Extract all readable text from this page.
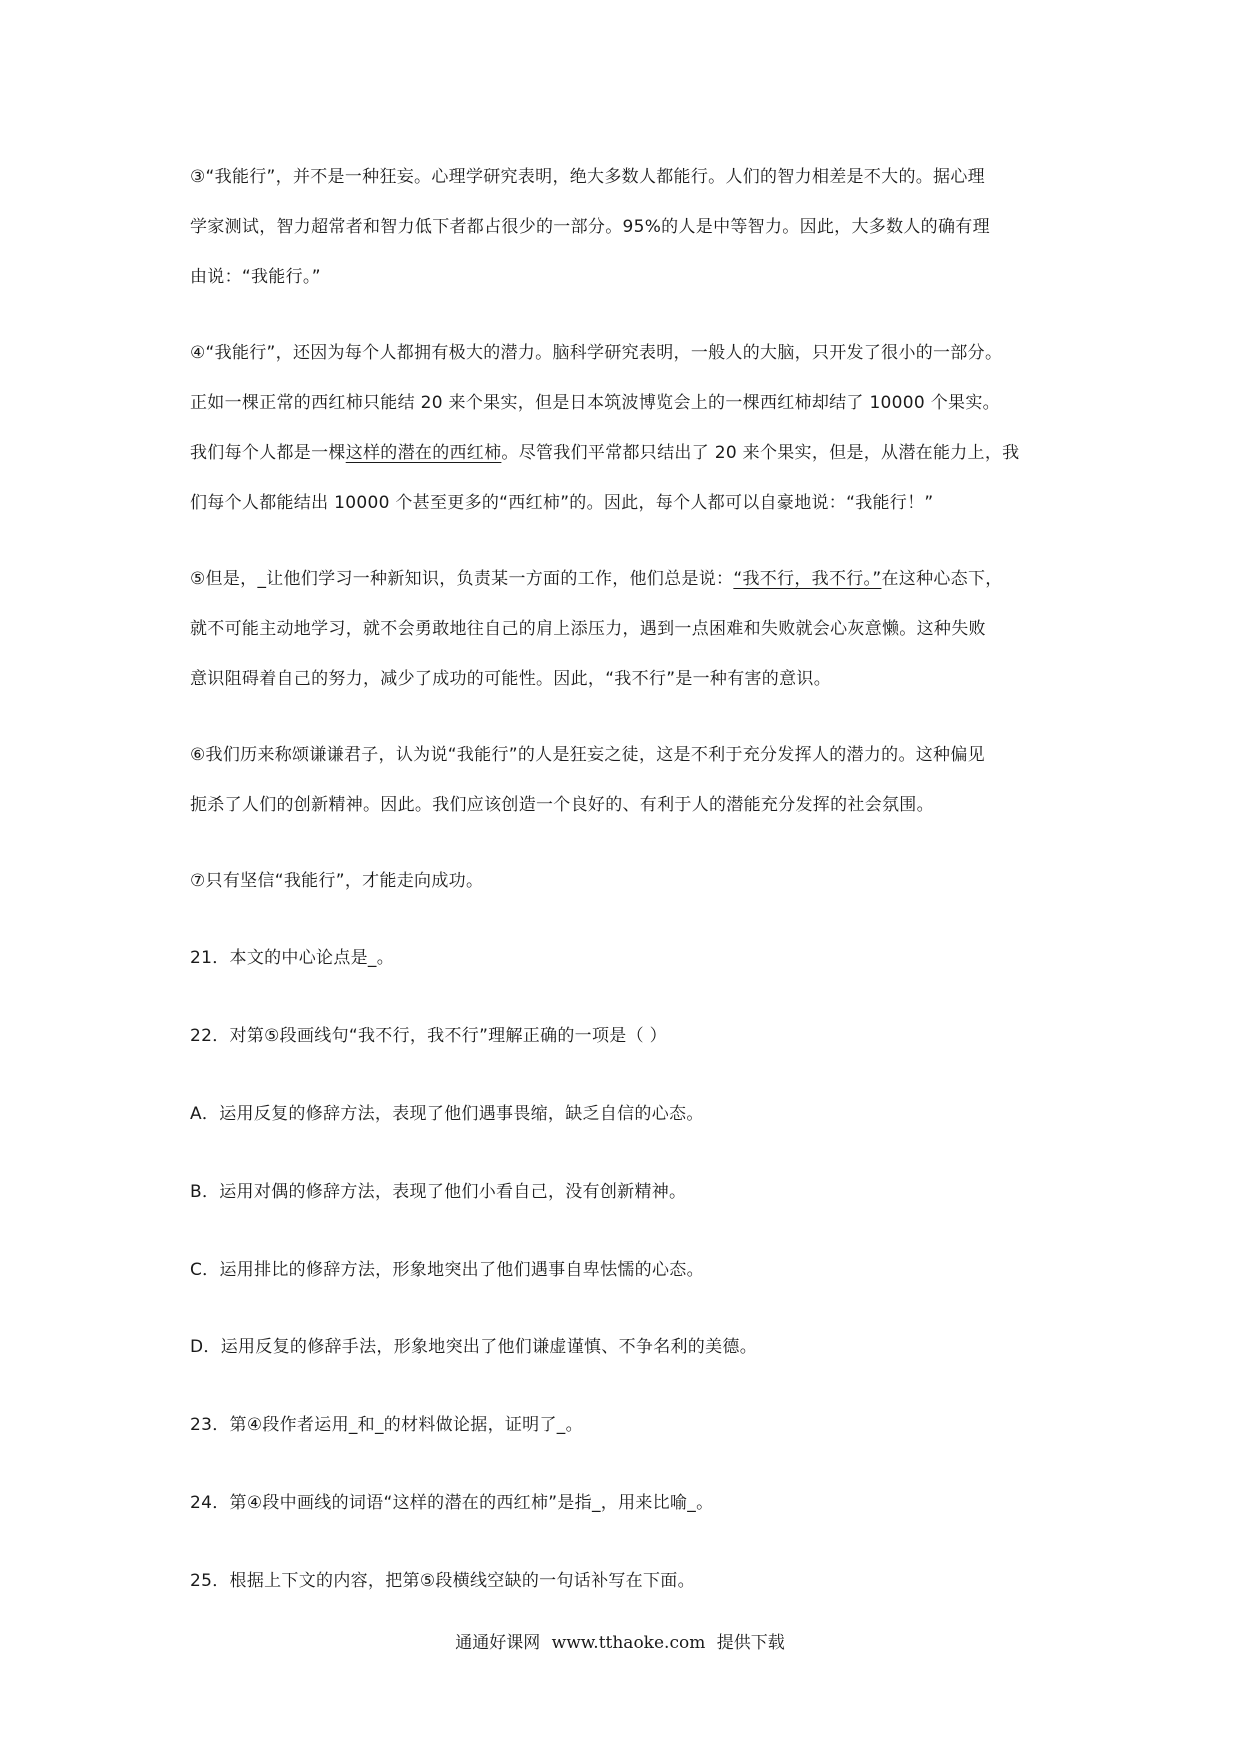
③“我能行”，并不是一种狂妄。心理学研究表明，绝大多数人都能行。人们的智力相差是不大的。据心理
学家测试，智力超常者和智力低下者都占很少的一部分。95%的人是中等智力。因此，大多数人的确有理
由说：“我能行。”

④“我能行”，还因为每个人都拥有极大的潜力。脑科学研究表明，一般人的大脑，只开发了很小的一部分。
正如一棵正常的西红柿只能结 20 来个果实，但是日本筑波博览会上的一棵西红柿却结了 10000 个果实。
我们每个人都是一棵这样的潜在的西红柿。尽管我们平常都只结出了 20 来个果实，但是，从潜在能力上，我
们每个人都能结出 10000 个甚至更多的“西红柿”的。因此，每个人都可以自豪地说：“我能行！”

⑤但是，_让他们学习一种新知识，负责某一方面的工作，他们总是说：“我不行，我不行。”在这种心态下，
就不可能主动地学习，就不会勇敢地往自己的肩上添压力，遇到一点困难和失败就会心灰意懒。这种失败
意识阻碍着自己的努力，减少了成功的可能性。因此，“我不行”是一种有害的意识。

⑥我们历来称颂谦谦君子，认为说“我能行”的人是狂妄之徒，这是不利于充分发挥人的潜力的。这种偏见
扼杀了人们的创新精神。因此。我们应该创造一个良好的、有利于人的潜能充分发挥的社会氛围。

⑦只有坚信“我能行”，才能走向成功。

21．本文的中心论点是_。

22．对第⑤段画线句“我不行，我不行”理解正确的一项是（ ）

A．运用反复的修辞方法，表现了他们遇事畏缩，缺乏自信的心态。

B．运用对偶的修辞方法，表现了他们小看自己，没有创新精神。

C．运用排比的修辞方法，形象地突出了他们遇事自卑怯懦的心态。

D．运用反复的修辞手法，形象地突出了他们谦虚谨慎、不争名利的美德。

23．第④段作者运用_和_的材料做论据，证明了_。

24．第④段中画线的词语“这样的潜在的西红柿”是指_，用来比喻_。

25．根据上下文的内容，把第⑤段横线空缺的一句话补写在下面。

通通好课网 www.tthaoke.com 提供下载
